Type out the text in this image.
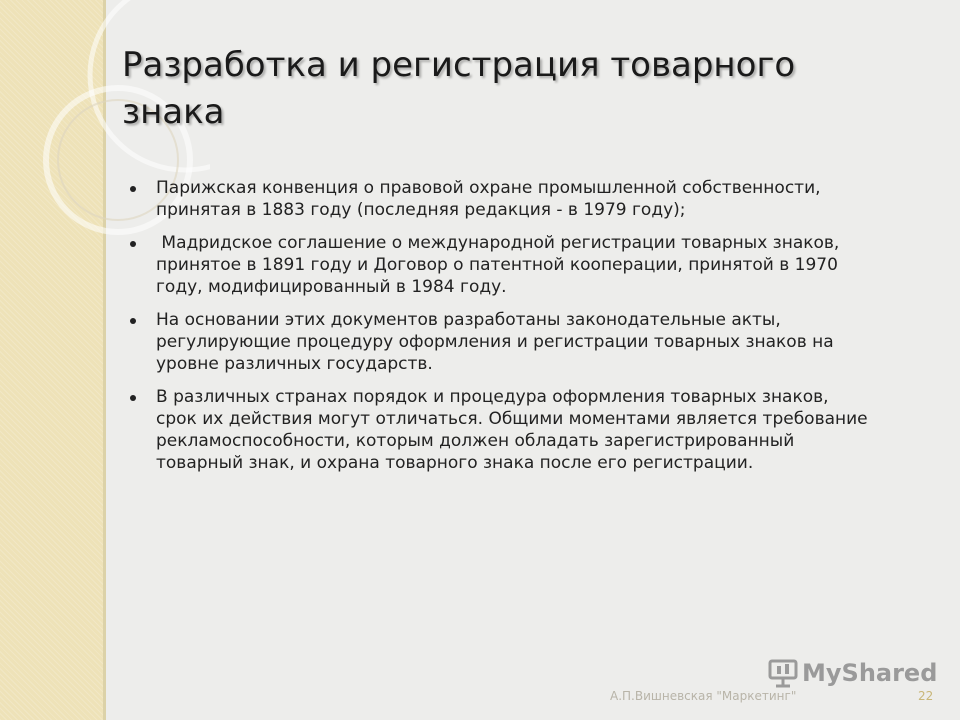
Разработка и регистрация товарного знака
Парижская конвенция о правовой охране промышленной собственности, принятая в 1883 году (последняя редакция - в 1979 году);
Мадридское соглашение о международной регистрации товарных знаков, принятое в 1891 году и Договор о патентной кооперации, принятой в 1970 году, модифицированный в 1984 году.
На основании этих документов разработаны законодательные акты, регулирующие процедуру оформления и регистрации товарных знаков на уровне различных государств.
В различных странах порядок и процедура оформления товарных знаков, срок их действия могут отличаться. Общими моментами является требование рекламоспособности, которым должен обладать зарегистрированный товарный знак, и охрана товарного знака после его регистрации.
MyShared
А.П.Вишневская "Маркетинг"	22
